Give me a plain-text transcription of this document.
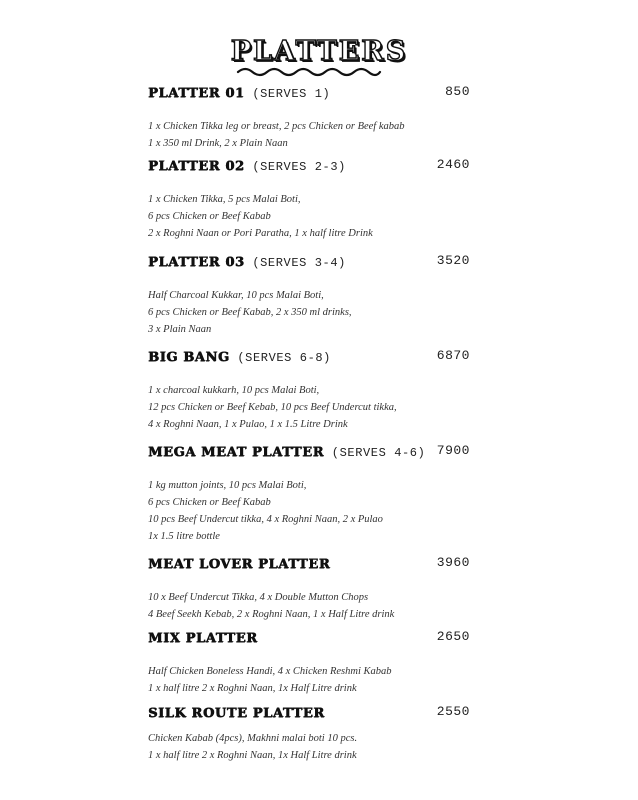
PLATTERS
PLATTER 01 (SERVES 1)	850
1 x Chicken Tikka leg or breast, 2 pcs Chicken or Beef kabab
1 x 350 ml Drink, 2 x Plain Naan
PLATTER 02 (SERVES 2-3)	2460
1 x Chicken Tikka, 5 pcs Malai Boti,
6 pcs Chicken or Beef Kabab
2 x Roghni Naan or Pori Paratha, 1 x half litre Drink
PLATTER 03 (SERVES 3-4)	3520
Half Charcoal Kukkar, 10 pcs Malai Boti,
6 pcs Chicken or Beef Kabab, 2 x 350 ml drinks,
3 x Plain Naan
BIG BANG (SERVES 6-8)	6870
1 x charcoal kukkarh, 10 pcs Malai Boti,
12 pcs Chicken or Beef Kebab, 10 pcs Beef Undercut tikka,
4 x Roghni Naan, 1 x Pulao, 1 x 1.5 Litre Drink
MEGA MEAT PLATTER (SERVES 4-6) 7900
1 kg mutton joints, 10 pcs Malai Boti,
6 pcs Chicken or Beef Kabab
10 pcs Beef Undercut tikka, 4 x Roghni Naan, 2 x Pulao
1x 1.5 litre bottle
MEAT LOVER PLATTER	3960
10 x Beef Undercut Tikka, 4 x Double Mutton Chops
4 Beef Seekh Kebab, 2 x Roghni Naan, 1 x Half Litre drink
MIX PLATTER	2650
Half Chicken Boneless Handi, 4 x Chicken Reshmi Kabab
1 x half litre 2 x Roghni Naan, 1x Half Litre drink
SILK ROUTE PLATTER	2550
Chicken Kabab (4pcs), Makhni malai boti 10 pcs.
1 x half litre 2 x Roghni Naan, 1x Half Litre drink
